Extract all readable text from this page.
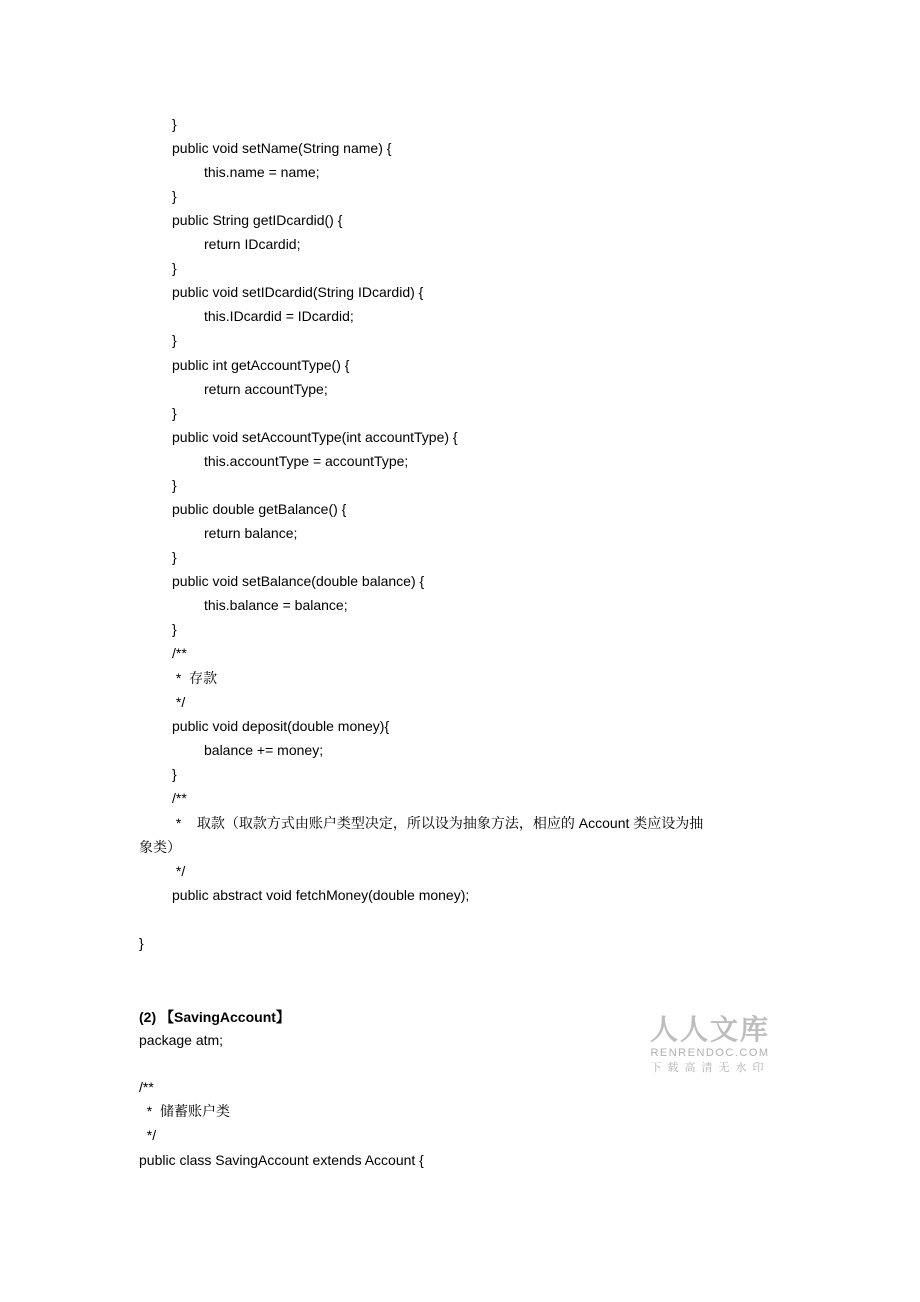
}
public void setName(String name) {
this.name = name;
}
public String getIDcardid() {
return IDcardid;
}
public void setIDcardid(String IDcardid) {
this.IDcardid = IDcardid;
}
public int getAccountType() {
return accountType;
}
public void setAccountType(int accountType) {
this.accountType = accountType;
}
public double getBalance() {
return balance;
}
public void setBalance(double balance) {
this.balance = balance;
}
/**
*  存款
*/
public void deposit(double money){
balance += money;
}
/**
*    取款（取款方式由账户类型决定，所以设为抽象方法，相应的 Account 类应设为抽
象类）
*/
public abstract void fetchMoney(double money);
}
(2) 【SavingAccount】
package atm;
/**
*  储蓄账户类
*/
public class SavingAccount extends Account {
人人文库
RENRENDOC.COM
下载高清无水印
